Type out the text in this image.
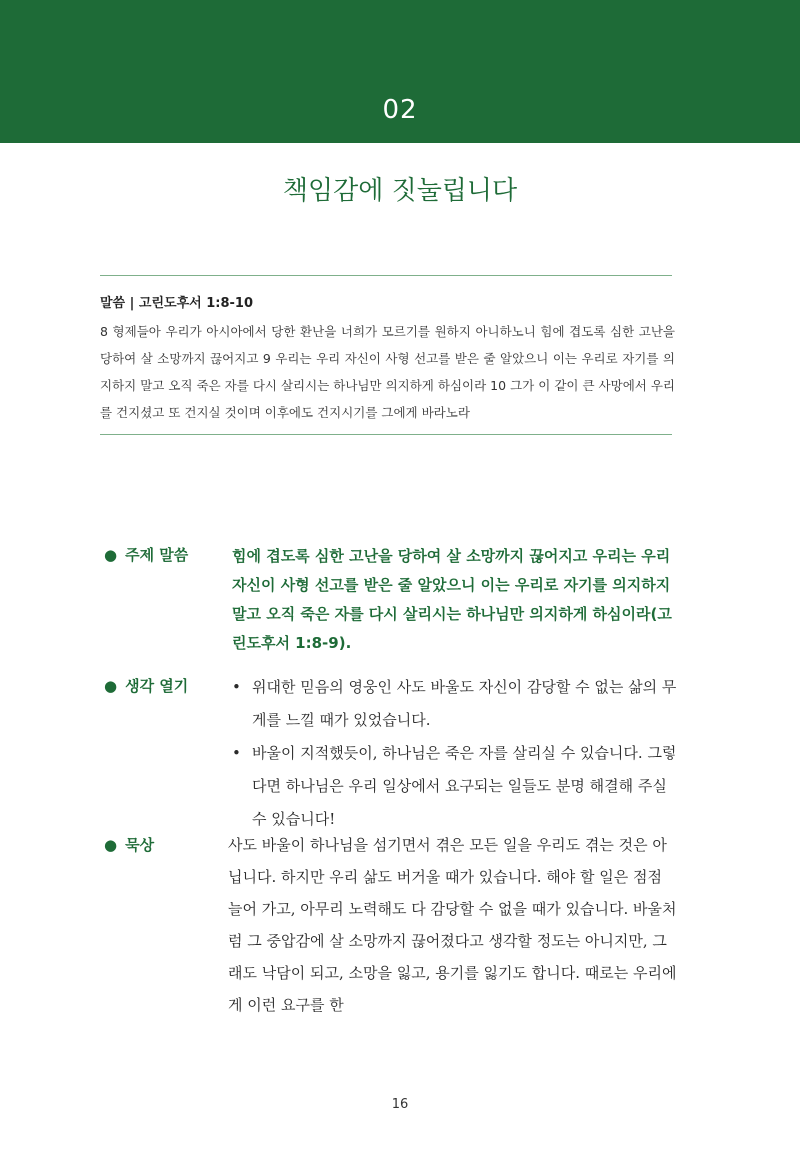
02
책임감에 짓눌립니다
말씀 | 고린도후서 1:8-10

8 형제들아 우리가 아시아에서 당한 환난을 너희가 모르기를 원하지 아니하노니 힘에 겹도록 심한 고난을 당하여 살 소망까지 끊어지고 9 우리는 우리 자신이 사형 선고를 받은 줄 알았으니 이는 우리로 자기를 의지하지 말고 오직 죽은 자를 다시 살리시는 하나님만 의지하게 하심이라 10 그가 이 같이 큰 사망에서 우리를 건지셨고 또 건지실 것이며 이후에도 건지시기를 그에게 바라노라

● 주제 말씀	힘에 겹도록 심한 고난을 당하여 살 소망까지 끊어지고 우리는 우리 자신이 사형 선고를 받은 줄 알았으니 이는 우리로 자기를 의지하지 말고 오직 죽은 자를 다시 살리시는 하나님만 의지하게 하심이라(고린도후서 1:8-9).

● 생각 열기	• 위대한 믿음의 영웅인 사도 바울도 자신이 감당할 수 없는 삶의 무게를 느낄 때가 있었습니다.
• 바울이 지적했듯이, 하나님은 죽은 자를 살리실 수 있습니다. 그렇다면 하나님은 우리 일상에서 요구되는 일들도 분명 해결해 주실 수 있습니다!
● 묵상	사도 바울이 하나님을 섬기면서 겪은 모든 일을 우리도 겪는 것은 아닙니다. 하지만 우리 삶도 버거울 때가 있습니다. 해야 할 일은 점점 늘어 가고, 아무리 노력해도 다 감당할 수 없을 때가 있습니다. 바울처럼 그 중압감에 살 소망까지 끊어졌다고 생각할 정도는 아니지만, 그래도 낙담이 되고, 소망을 잃고, 용기를 잃기도 합니다. 때로는 우리에게 이런 요구를 한

16
